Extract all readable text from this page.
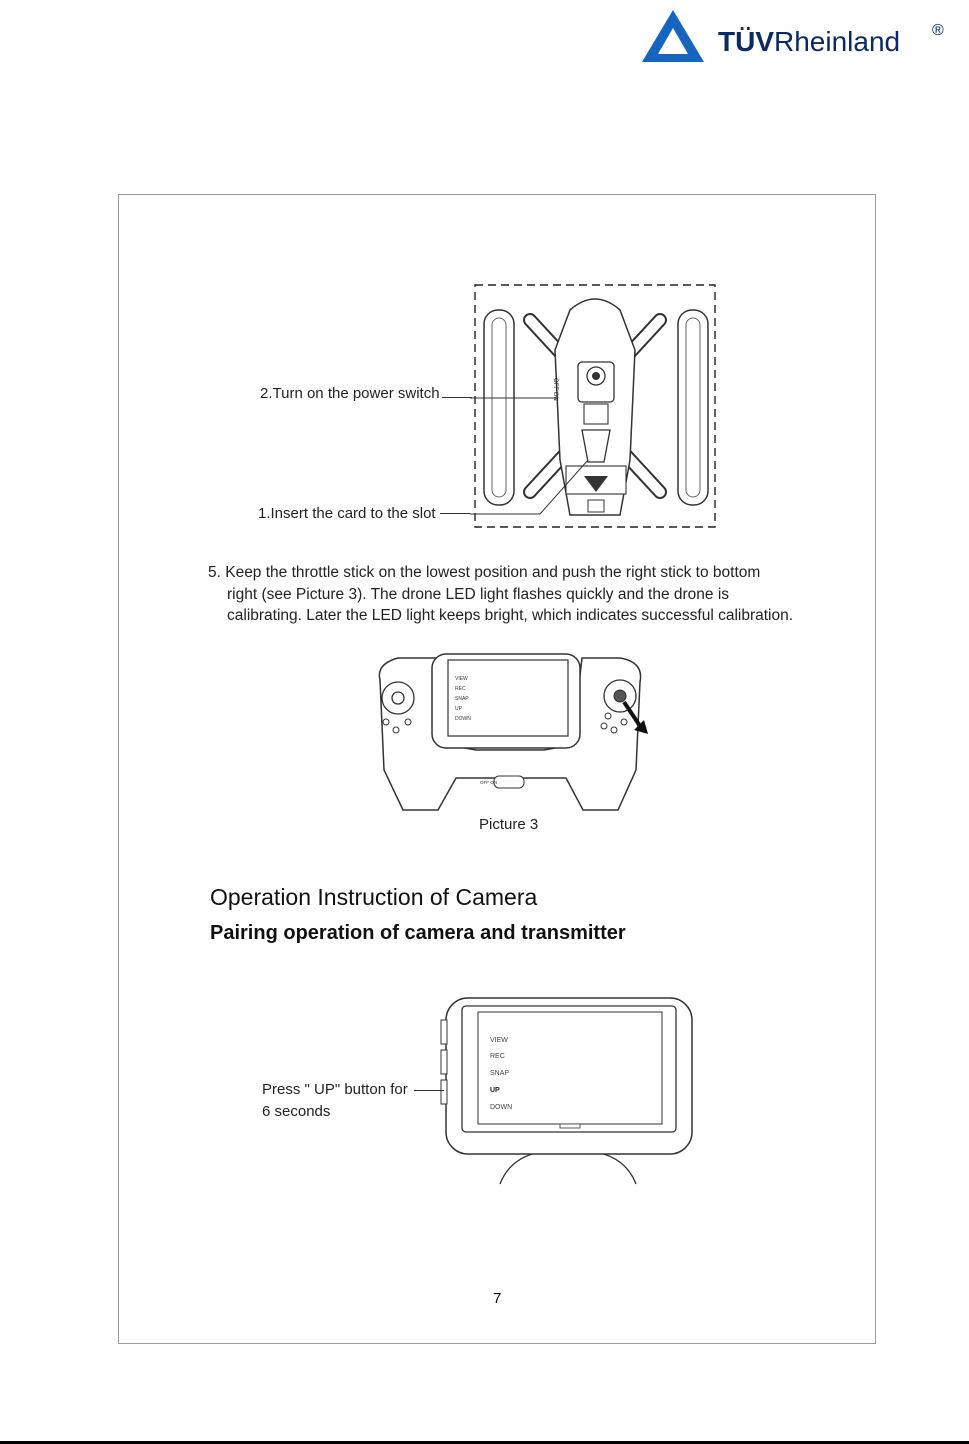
TÜVRheinland ®
OFF ON
2.Turn on the power switch
1.Insert the card to the slot
5. Keep the throttle stick on the lowest position and push the right stick to bottom
right (see Picture 3). The drone LED light flashes quickly and the drone is
calibrating. Later the LED light keeps bright, which indicates successful calibration.
VIEW
REC
SNAP
UP
DOWN
OFF ON
Picture 3
Operation Instruction of Camera
Pairing operation of camera and transmitter
VIEW
REC
SNAP
UP
DOWN
Press " UP" button for
6 seconds
7
